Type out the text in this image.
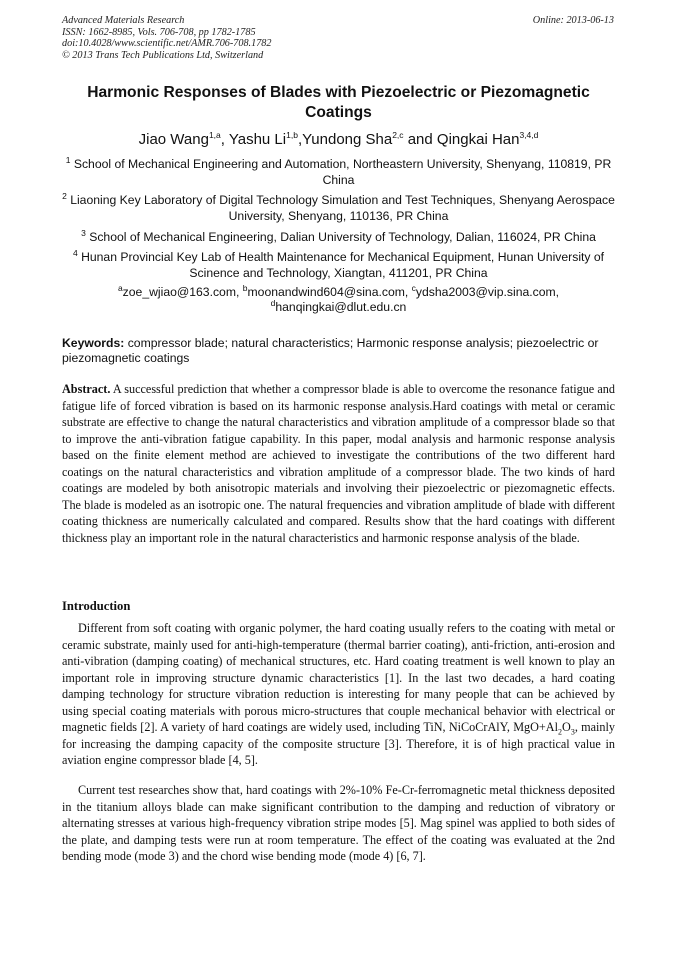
Advanced Materials Research
ISSN: 1662-8985, Vols. 706-708, pp 1782-1785
doi:10.4028/www.scientific.net/AMR.706-708.1782
© 2013 Trans Tech Publications Ltd, Switzerland
Online: 2013-06-13
Harmonic Responses of Blades with Piezoelectric or Piezomagnetic Coatings
Jiao Wang$^{1,a}$, Yashu Li$^{1,b}$,Yundong Sha$^{2,c}$ and Qingkai Han$^{3,4,d}$
$^1$ School of Mechanical Engineering and Automation, Northeastern University, Shenyang, 110819, PR China
$^2$ Liaoning Key Laboratory of Digital Technology Simulation and Test Techniques, Shenyang Aerospace University, Shenyang, 110136, PR China
$^3$ School of Mechanical Engineering, Dalian University of Technology, Dalian, 116024, PR China
$^4$ Hunan Provincial Key Lab of Health Maintenance for Mechanical Equipment, Hunan University of Scinence and Technology, Xiangtan, 411201, PR China
$^a$zoe_wjiao@163.com, $^b$moonandwind604@sina.com, $^c$ydsha2003@vip.sina.com,
$^d$hanqingkai@dlut.edu.cn
Keywords: compressor blade; natural characteristics; Harmonic response analysis; piezoelectric or piezomagnetic coatings
Abstract. A successful prediction that whether a compressor blade is able to overcome the resonance fatigue and fatigue life of forced vibration is based on its harmonic response analysis.Hard coatings with metal or ceramic substrate are effective to change the natural characteristics and vibration amplitude of a compressor blade so that to improve the anti-vibration fatigue capability. In this paper, modal analysis and harmonic response analysis based on the finite element method are achieved to investigate the contributions of the two different hard coatings on the natural characteristics and vibration amplitude of a compressor blade. The two kinds of hard coatings are modeled by both anisotropic materials and involving their piezoelectric or piezomagnetic effects. The blade is modeled as an isotropic one. The natural frequencies and vibration amplitude of blade with different coating thickness are numerically calculated and compared. Results show that the hard coatings with different thickness play an important role in the natural characteristics and harmonic response analysis of the blade.
Introduction
Different from soft coating with organic polymer, the hard coating usually refers to the coating with metal or ceramic substrate, mainly used for anti-high-temperature (thermal barrier coating), anti-friction, anti-erosion and anti-vibration (damping coating) of mechanical structures, etc. Hard coating treatment is well known to play an important role in improving structure dynamic characteristics [1]. In the last two decades, a hard coating damping technology for structure vibration reduction is interesting for many people that can be achieved by using special coating materials with porous micro-structures that couple mechanical behavior with electrical or magnetic fields [2]. A variety of hard coatings are widely used, including TiN, NiCoCrAlY, $MgO+Al_2O_3$, mainly for increasing the damping capacity of the composite structure [3]. Therefore, it is of high practical value in aviation engine compressor blade [4, 5].
Current test researches show that, hard coatings with 2%-10% Fe-Cr-ferromagnetic metal thickness deposited in the titanium alloys blade can make significant contribution to the damping and reduction of vibratory or alternating stresses at various high-frequency vibration stripe modes [5]. Mag spinel was applied to both sides of the plate, and damping tests were run at room temperature. The effect of the coating was evaluated at the 2nd bending mode (mode 3) and the chord wise bending mode (mode 4) [6, 7].
